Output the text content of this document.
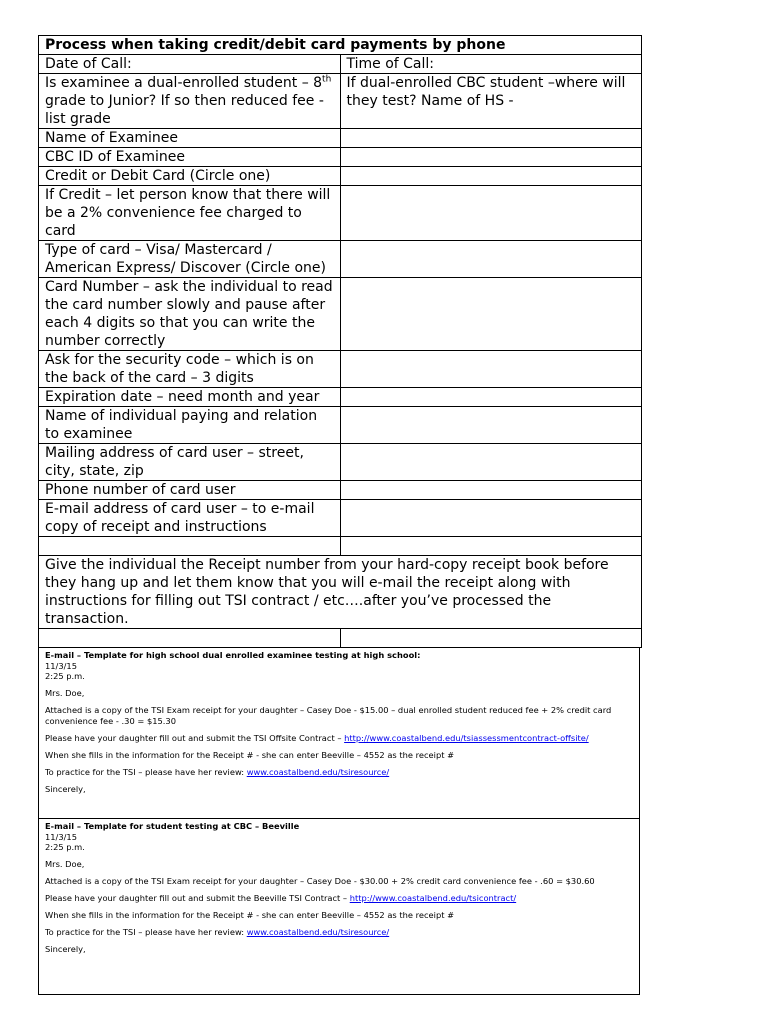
Process when taking credit/debit card payments by phone	
Date of Call:	Time of Call:
Is examinee a dual-enrolled student – 8th grade to Junior? If so then reduced fee - list grade	If dual-enrolled CBC student –where will they test? Name of HS -
Name of Examinee	
CBC ID of Examinee	
Credit or Debit Card (Circle one)	
If Credit – let person know that there will be a 2% convenience fee charged to card	
Type of card – Visa/ Mastercard / American Express/ Discover (Circle one)	
Card Number – ask the individual to read the card number slowly and pause after each 4 digits so that you can write the number correctly	
Ask for the security code – which is on the back of the card – 3 digits	
Expiration date – need month and year	
Name of individual paying and relation to examinee	
Mailing address of card user – street, city, state, zip	
Phone number of card user	
E-mail address of card user – to e-mail copy of receipt and instructions	

Give the individual the Receipt number from your hard-copy receipt book before they hang up and let them know that you will e-mail the receipt along with instructions for filling out TSI contract / etc….after you’ve processed the transaction.	

E-mail – Template for high school dual enrolled examinee testing at high school:

11/3/15

2:25 p.m.

Mrs. Doe,

Attached is a copy of the TSI Exam receipt for your daughter – Casey Doe - $15.00 – dual enrolled student reduced fee + 2% credit card convenience fee - .30 = $15.30

Please have your daughter fill out and submit the TSI Offsite Contract – http://www.coastalbend.edu/tsiassessmentcontract-offsite/

When she fills in the information for the Receipt # - she can enter Beeville – 4552 as the receipt #

To practice for the TSI – please have her review: www.coastalbend.edu/tsiresource/

Sincerely,

E-mail – Template for student testing at CBC – Beeville

11/3/15

2:25 p.m.

Mrs. Doe,

Attached is a copy of the TSI Exam receipt for your daughter – Casey Doe - $30.00 + 2% credit card convenience fee - .60 = $30.60

Please have your daughter fill out and submit the Beeville TSI Contract – http://www.coastalbend.edu/tsicontract/

When she fills in the information for the Receipt # - she can enter Beeville – 4552 as the receipt #

To practice for the TSI – please have her review: www.coastalbend.edu/tsiresource/

Sincerely,
